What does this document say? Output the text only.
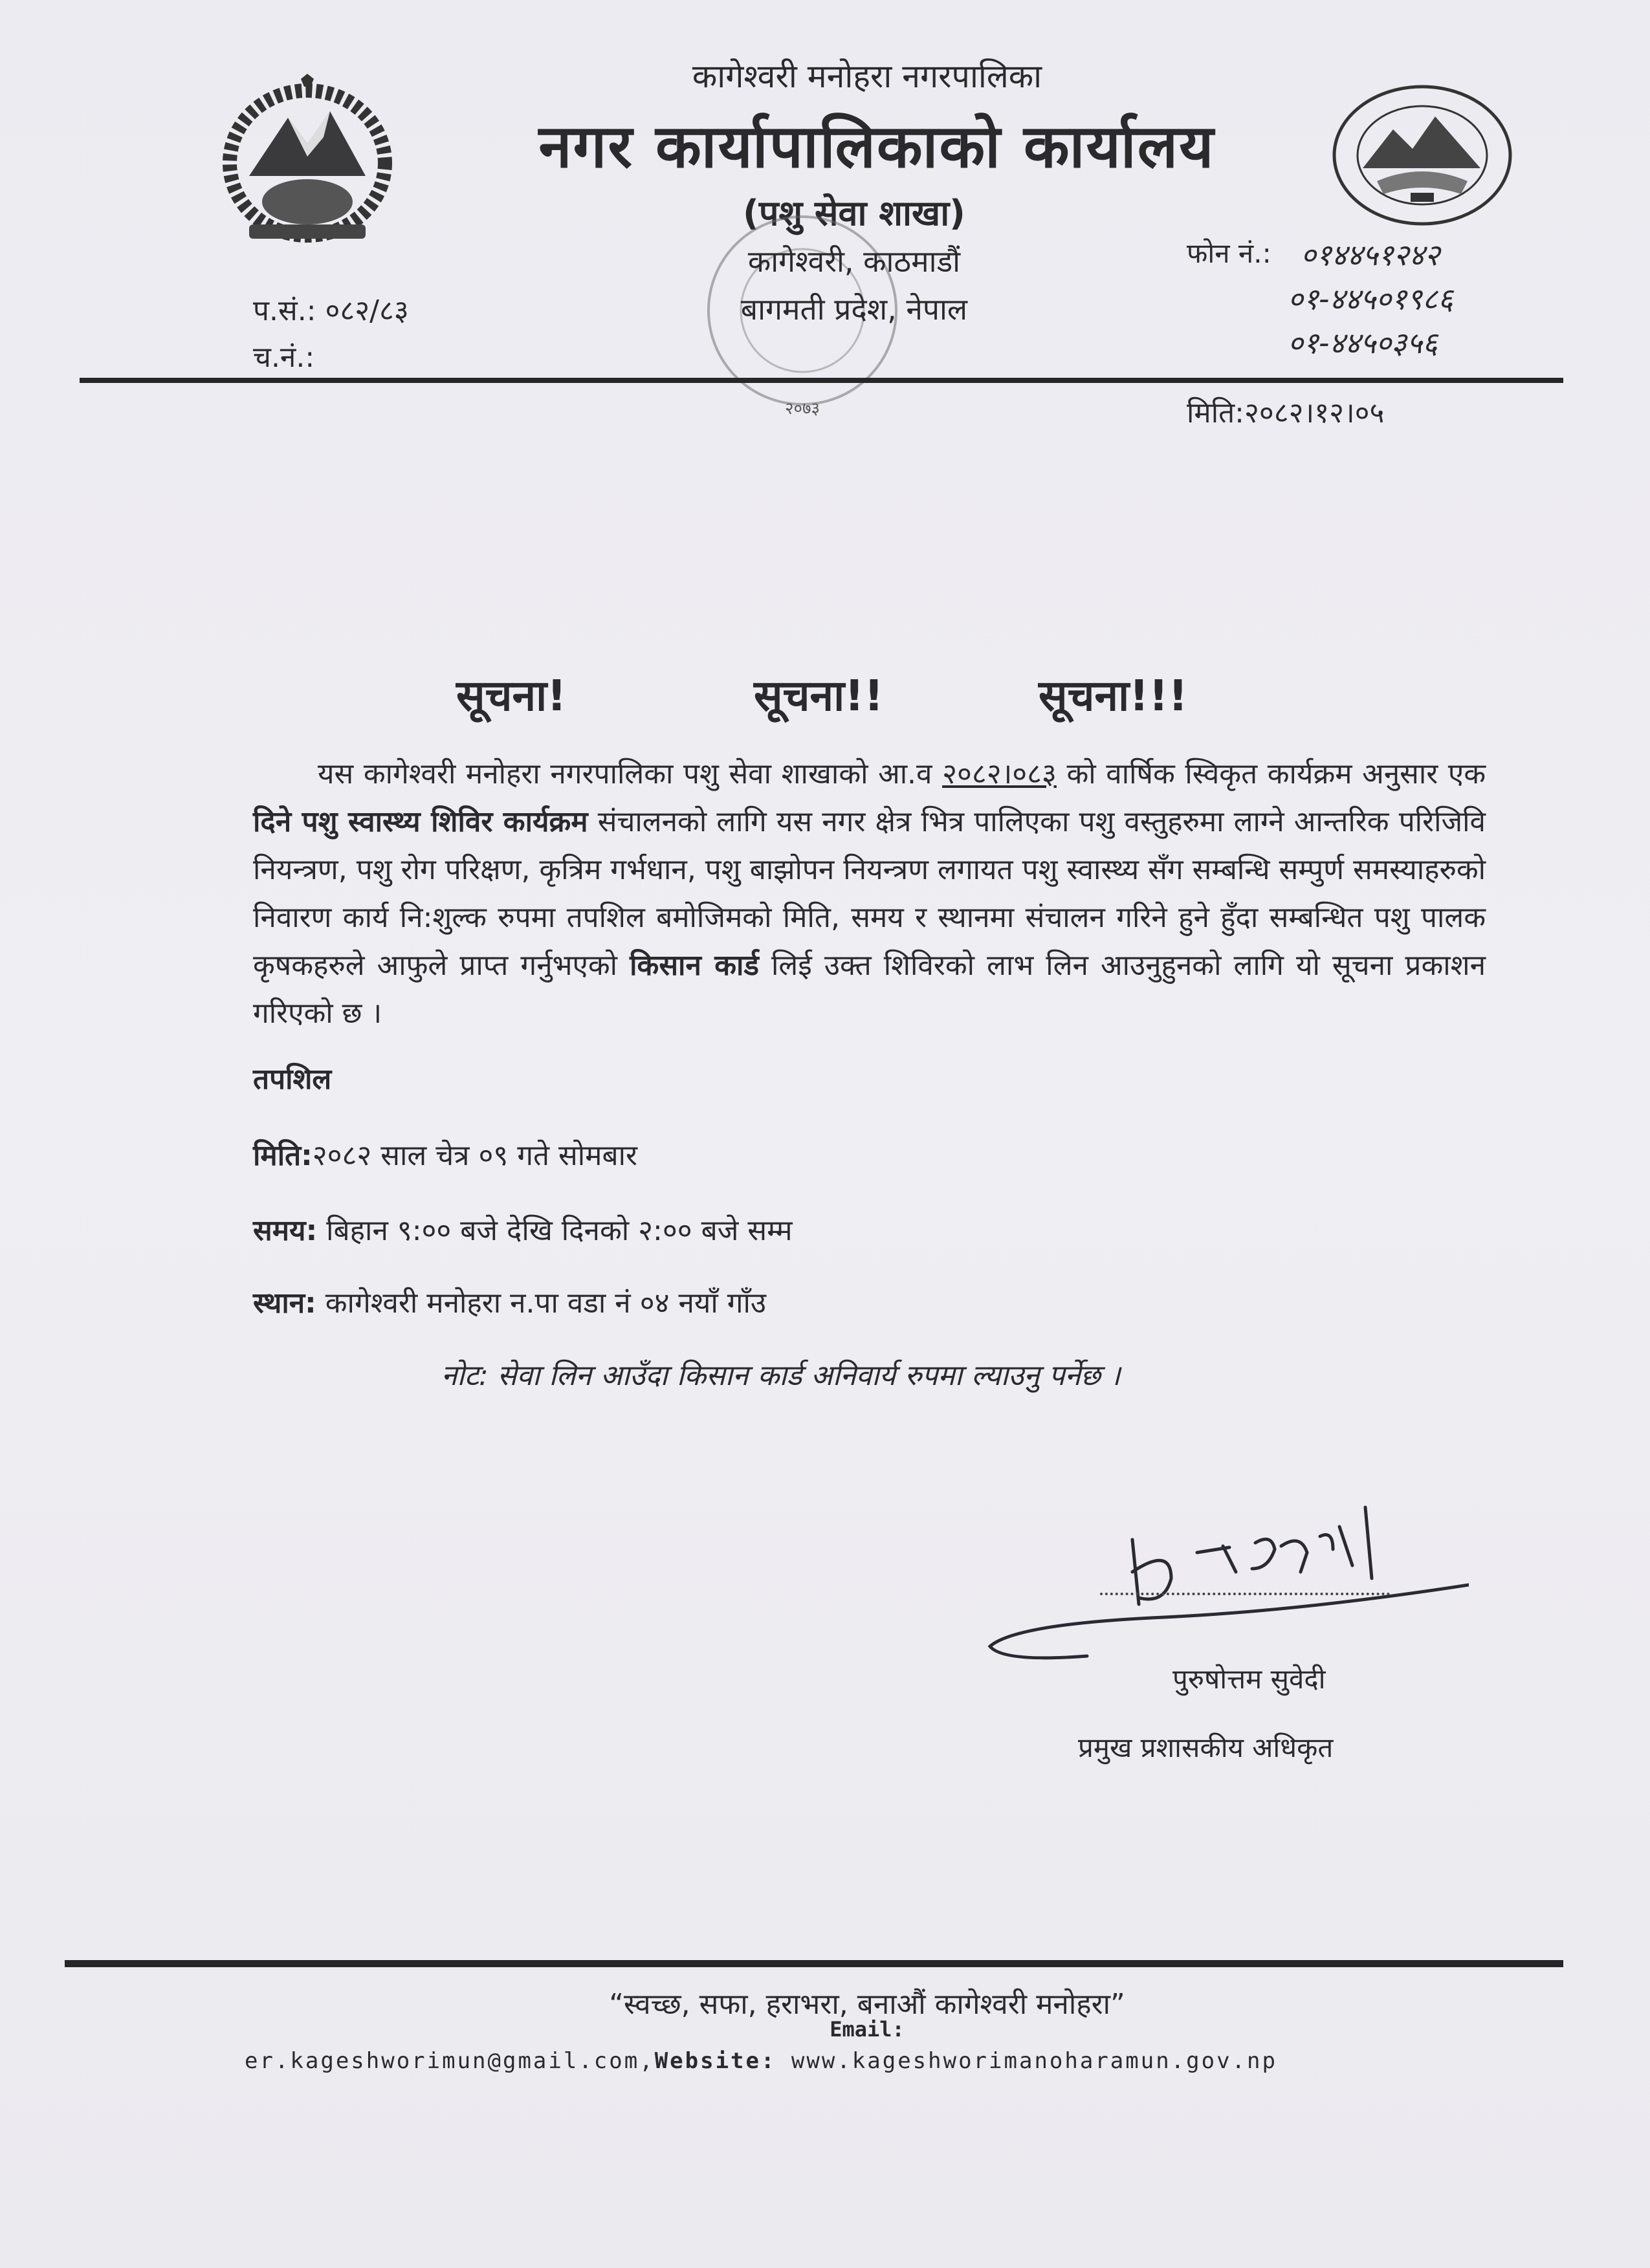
कागेश्वरी मनोहरा नगरपालिका
नगर कार्यापालिकाको कार्यालय
(पशु सेवा शाखा)
२०७३
कागेश्वरी, काठमाडौं
बागमती प्रदेश, नेपाल
फोन नं.: ०१४४५१२४२
०१-४४५०१९८६
०१-४४५०३५६
प.सं.: ०८२/८३
च.नं.:
मिति:२०८२।१२।०५
सूचना!	सूचना!!	सूचना!!!
यस कागेश्वरी मनोहरा नगरपालिका पशु सेवा शाखाको आ.व २०८२।०८३ को वार्षिक स्विकृत कार्यक्रम अनुसार एक दिने पशु स्वास्थ्य शिविर कार्यक्रम संचालनको लागि यस नगर क्षेत्र भित्र पालिएका पशु वस्तुहरुमा लाग्ने आन्तरिक परिजिवि नियन्त्रण, पशु रोग परिक्षण, कृत्रिम गर्भधान, पशु बाझोपन नियन्त्रण लगायत पशु स्वास्थ्य सँग सम्बन्धि सम्पुर्ण समस्याहरुको निवारण कार्य नि:शुल्क रुपमा तपशिल बमोजिमको मिति, समय र स्थानमा संचालन गरिने हुने हुँदा सम्बन्धित पशु पालक कृषकहरुले आफुले प्राप्त गर्नुभएको किसान कार्ड लिई उक्त शिविरको लाभ लिन आउनुहुनको लागि यो सूचना प्रकाशन गरिएको छ ।
तपशिल
मिति:२०८२ साल चेत्र ०९ गते सोमबार
समय: बिहान ९:०० बजे देखि दिनको २:०० बजे सम्म
स्थान: कागेश्वरी मनोहरा न.पा वडा नं ०४ नयाँ गाँउ
नोट: सेवा लिन आउँदा किसान कार्ड अनिवार्य रुपमा ल्याउनु पर्नेछ ।
पुरुषोत्तम सुवेदी
प्रमुख प्रशासकीय अधिकृत
“स्वच्छ, सफा, हराभरा, बनाऔं कागेश्वरी मनोहरा”
Email:
er.kageshworimun@gmail.com,Website: www.kageshworimanoharamun.gov.np
